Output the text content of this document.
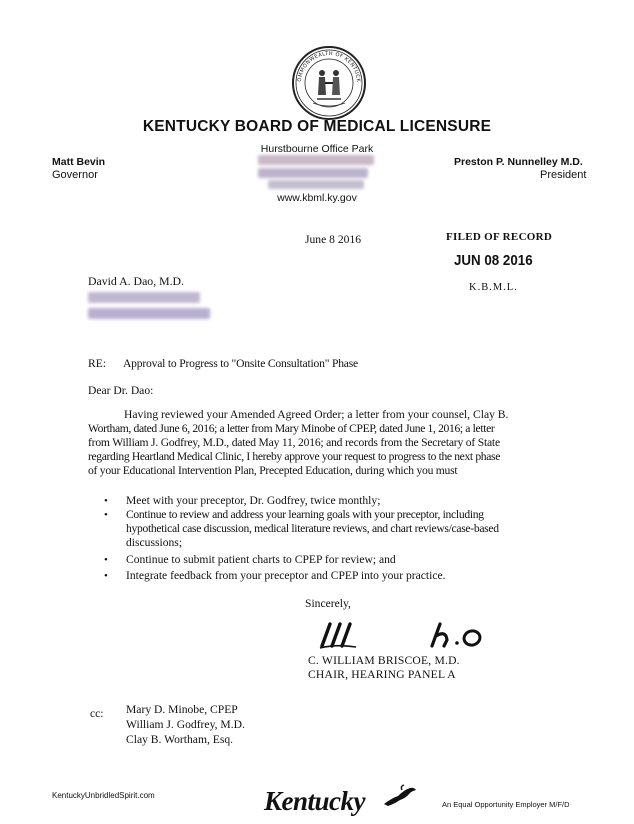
OMMONWEALTH OF KENTUCK
KENTUCKY BOARD OF MEDICAL LICENSURE
Hurstbourne Office Park
Matt Bevin
Governor
Preston P. Nunnelley M.D.
President
www.kbml.ky.gov
June 8 2016	FILED OF RECORD
JUN 08 2016
K.B.M.L.
David A. Dao, M.D.
RE: Approval to Progress to "Onsite Consultation" Phase
Dear Dr. Dao:
Having reviewed your Amended Agreed Order; a letter from your counsel, Clay B.
Wortham, dated June 6, 2016; a letter from Mary Minobe of CPEP, dated June 1, 2016; a letter
from William J. Godfrey, M.D., dated May 11, 2016; and records from the Secretary of State
regarding Heartland Medical Clinic, I hereby approve your request to progress to the next phase
of your Educational Intervention Plan, Precepted Education, during which you must
• Meet with your preceptor, Dr. Godfrey, twice monthly;
• Continue to review and address your learning goals with your preceptor, including
hypothetical case discussion, medical literature reviews, and chart reviews/case-based
discussions;
• Continue to submit patient charts to CPEP for review; and
• Integrate feedback from your preceptor and CPEP into your practice.
Sincerely,
C. WILLIAM BRISCOE, M.D.
CHAIR, HEARING PANEL A
cc: Mary D. Minobe, CPEP
William J. Godfrey, M.D.
Clay B. Wortham, Esq.
KentuckyUnbridledSpirit.com	Kentucky	An Equal Opportunity Employer M/F/D
